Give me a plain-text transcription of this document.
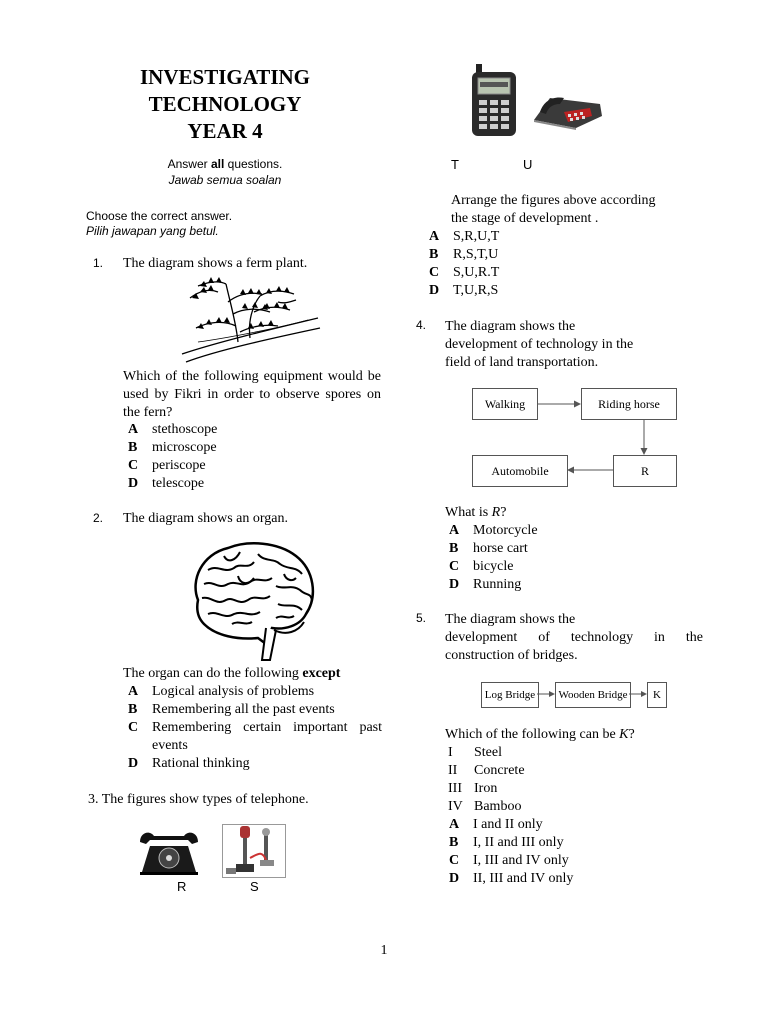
INVESTIGATING
TECHNOLOGY
YEAR 4
Answer all questions.
Jawab semua soalan
Choose the correct answer.
Pilih jawapan yang betul.
1. The diagram shows a ferm plant.
Which of the following equipment would be used by Fikri in order to observe spores on the fern?
A stethoscope
B microscope
C periscope
D telescope
2. The diagram shows an organ.
The organ can do the following except
A Logical analysis of problems
B Remembering all the past events
C Remembering certain important past events
D Rational thinking
3. The figures show types of telephone.
R	S
T	U
Arrange the figures above according
the stage of development .
A S,R,U,T
B R,S,T,U
C S,U,R.T
D T,U,R,S
4. The diagram shows the
development of technology in the
field of land transportation.
Walking	Riding horse
Automobile	R
What is R?
A Motorcycle
B horse cart
C bicycle
D Running
5. The diagram shows the
development of technology in the
construction of bridges.
Log Bridge	Wooden Bridge	K
Which of the following can be K?
I Steel
II Concrete
III Iron
IV Bamboo
A I and II only
B I, II and III only
C I, III and IV only
D II, III and IV only
1
